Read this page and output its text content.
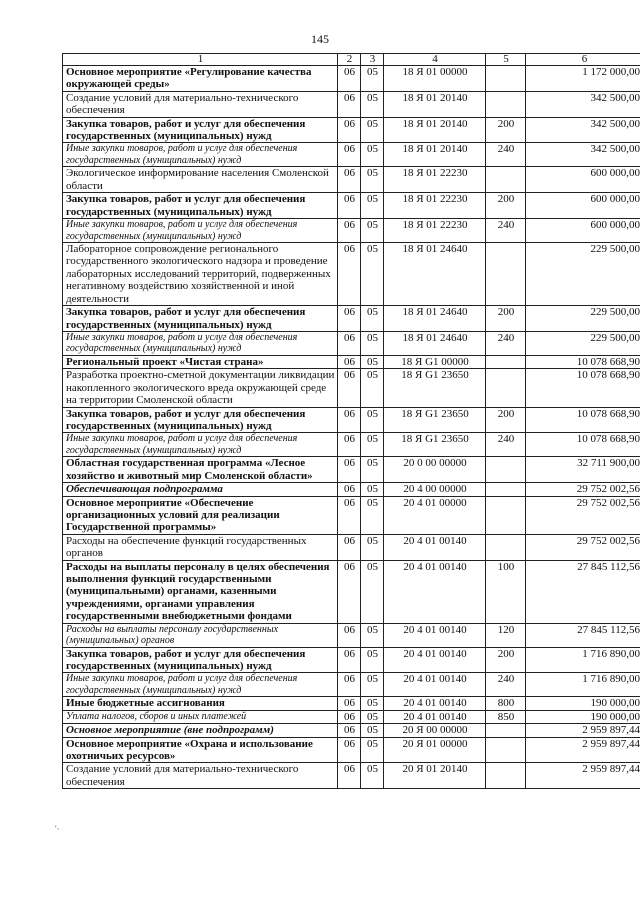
145
1	2	3	4	5	6
Основное мероприятие «Регулирование качества окружающей среды»	06	05	18 Я 01 00000		1 172 000,00
Создание условий для материально-технического обеспечения	06	05	18 Я 01 20140		342 500,00
Закупка товаров, работ и услуг для обеспечения государственных (муниципальных) нужд	06	05	18 Я 01 20140	200	342 500,00
Иные закупки товаров, работ и услуг для обеспечения государственных (муниципальных) нужд	06	05	18 Я 01 20140	240	342 500,00
Экологическое информирование населения Смоленской области	06	05	18 Я 01 22230		600 000,00
Закупка товаров, работ и услуг для обеспечения государственных (муниципальных) нужд	06	05	18 Я 01 22230	200	600 000,00
Иные закупки товаров, работ и услуг для обеспечения государственных (муниципальных) нужд	06	05	18 Я 01 22230	240	600 000,00
Лабораторное сопровождение регионального государственного экологического надзора и проведение лабораторных исследований территорий, подверженных негативному воздействию хозяйственной и иной деятельности	06	05	18 Я 01 24640		229 500,00
Закупка товаров, работ и услуг для обеспечения государственных (муниципальных) нужд	06	05	18 Я 01 24640	200	229 500,00
Иные закупки товаров, работ и услуг для обеспечения государственных (муниципальных) нужд	06	05	18 Я 01 24640	240	229 500,00
Региональный проект «Чистая страна»	06	05	18 Я G1 00000		10 078 668,90
Разработка проектно-сметной документации ликвидации накопленного экологического вреда окружающей среде на территории Смоленской области	06	05	18 Я G1 23650		10 078 668,90
Закупка товаров, работ и услуг для обеспечения государственных (муниципальных) нужд	06	05	18 Я G1 23650	200	10 078 668,90
Иные закупки товаров, работ и услуг для обеспечения государственных (муниципальных) нужд	06	05	18 Я G1 23650	240	10 078 668,90
Областная государственная программа «Лесное хозяйство и животный мир Смоленской области»	06	05	20 0 00 00000		32 711 900,00
Обеспечивающая подпрограмма	06	05	20 4 00 00000		29 752 002,56
Основное мероприятие «Обеспечение организационных условий для реализации Государственной программы»	06	05	20 4 01 00000		29 752 002,56
Расходы на обеспечение функций государственных органов	06	05	20 4 01 00140		29 752 002,56
Расходы на выплаты персоналу в целях обеспечения выполнения функций государственными (муниципальными) органами, казенными учреждениями, органами управления государственными внебюджетными фондами	06	05	20 4 01 00140	100	27 845 112,56
Расходы на выплаты персоналу государственных (муниципальных) органов	06	05	20 4 01 00140	120	27 845 112,56
Закупка товаров, работ и услуг для обеспечения государственных (муниципальных) нужд	06	05	20 4 01 00140	200	1 716 890,00
Иные закупки товаров, работ и услуг для обеспечения государственных (муниципальных) нужд	06	05	20 4 01 00140	240	1 716 890,00
Иные бюджетные ассигнования	06	05	20 4 01 00140	800	190 000,00
Уплата налогов, сборов и иных платежей	06	05	20 4 01 00140	850	190 000,00
Основное мероприятие (вне подпрограмм)	06	05	20 Я 00 00000		2 959 897,44
Основное мероприятие «Охрана и использование охотничьих ресурсов»	06	05	20 Я 01 00000		2 959 897,44
Создание условий для материально-технического обеспечения	06	05	20 Я 01 20140		2 959 897,44
'·
